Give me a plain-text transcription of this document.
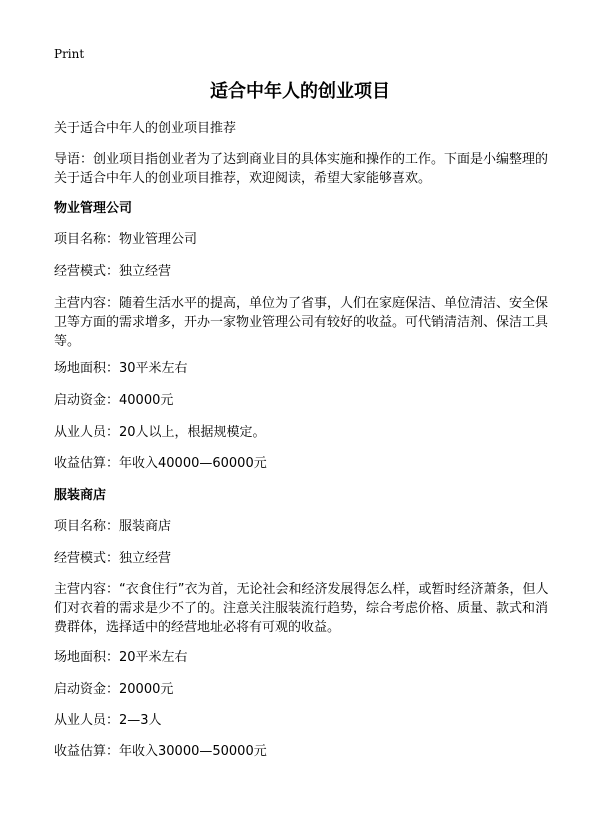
Print
适合中年人的创业项目

关于适合中年人的创业项目推荐

导语：创业项目指创业者为了达到商业目的具体实施和操作的工作。下面是小编整理的关于适合中年人的创业项目推荐，欢迎阅读，希望大家能够喜欢。

物业管理公司

项目名称：物业管理公司

经营模式：独立经营

主营内容：随着生活水平的提高，单位为了省事，人们在家庭保洁、单位清洁、安全保卫等方面的需求增多，开办一家物业管理公司有较好的收益。可代销清洁剂、保洁工具等。

场地面积：30平米左右

启动资金：40000元

从业人员：20人以上，根据规模定。

收益估算：年收入40000—60000元

服装商店

项目名称：服装商店

经营模式：独立经营

主营内容：“衣食住行”衣为首，无论社会和经济发展得怎么样，或暂时经济萧条，但人们对衣着的需求是少不了的。注意关注服装流行趋势，综合考虑价格、质量、款式和消费群体，选择适中的经营地址必将有可观的收益。

场地面积：20平米左右

启动资金：20000元

从业人员：2—3人

收益估算：年收入30000—50000元
